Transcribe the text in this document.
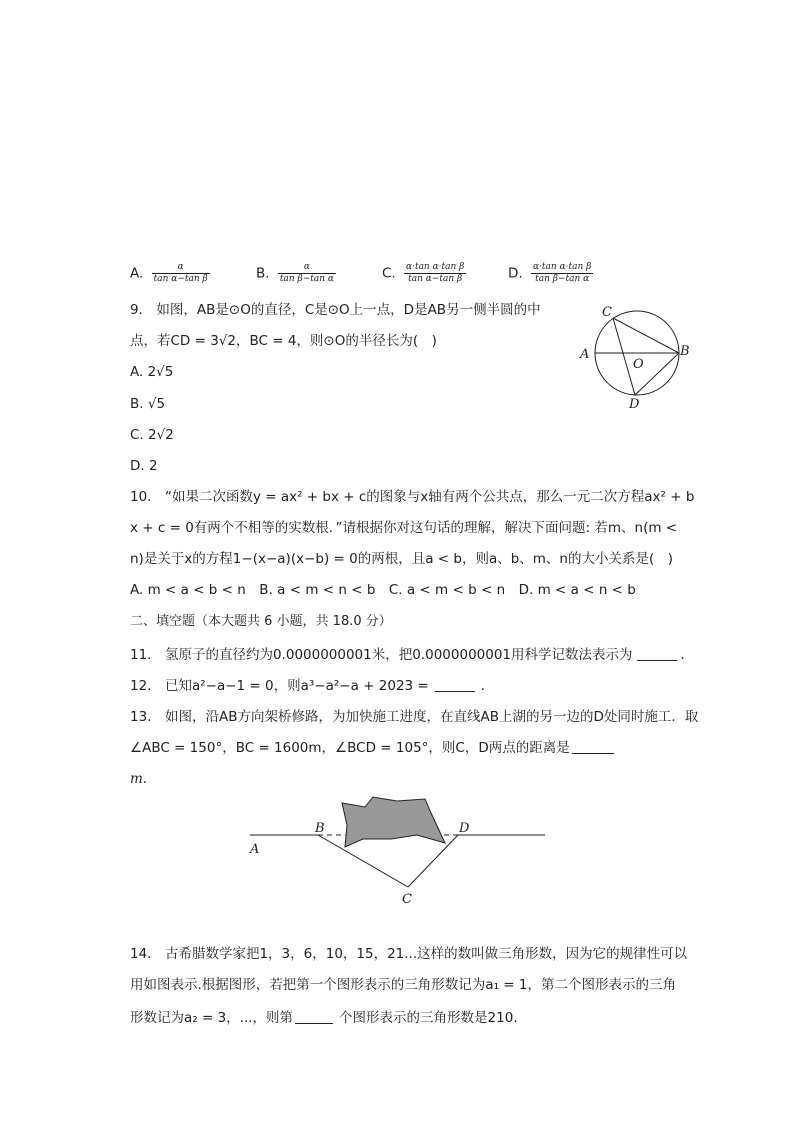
A. $\frac{\alpha}{\text{tan α−tan β}}$	B. $\frac{\alpha}{\text{tan β−tan α}}$	C. $\frac{\text{α·tan α·tan β}}{\text{tan α−tan β}}$	D. $\frac{\text{α·tan α·tan β}}{\text{tan β−tan α}}$
9.　如图，AB是⊙O的直径，C是⊙O上一点，D是AB另一侧半圆的中
点，若CD = 3√2，BC = 4，则⊙O的半径长为(　)
A. 2√5
B. √5
C. 2√2
D. 2
C
A
O
B
D
10.　“如果二次函数y = ax² + bx + c的图象与x轴有两个公共点，那么一元二次方程ax² + b
x + c = 0有两个不相等的实数根．”请根据你对这句话的理解，解决下面问题: 若m、n(m <
n)是关于x的方程1−(x−a)(x−b) = 0的两根，且a < b，则a、b、m、n的大小关系是(　)
A. m < a < b < n　B. a < m < n < b　C. a < m < b < n　D. m < a < n < b
二、填空题（本大题共 6 小题，共 18.0 分）
11.　氢原子的直径约为0.0000000001米，把0.0000000001用科学记数法表示为	．
12.　已知a²−a−1 = 0，则a³−a²−a + 2023 =	．
13.　如图，沿AB方向架桥修路，为加快施工进度，在直线AB上湖的另一边的D处同时施工．取
∠ABC = 150°，BC = 1600m，∠BCD = 105°，则C，D两点的距离是
m.
A
B	D
C
14.　古希腊数学家把1，3，6，10，15，21...这样的数叫做三角形数，因为它的规律性可以
用如图表示.根据图形，若把第一个图形表示的三角形数记为a₁ = 1，第二个图形表示的三角
形数记为a₂ = 3，...，则第	个图形表示的三角形数是210.
